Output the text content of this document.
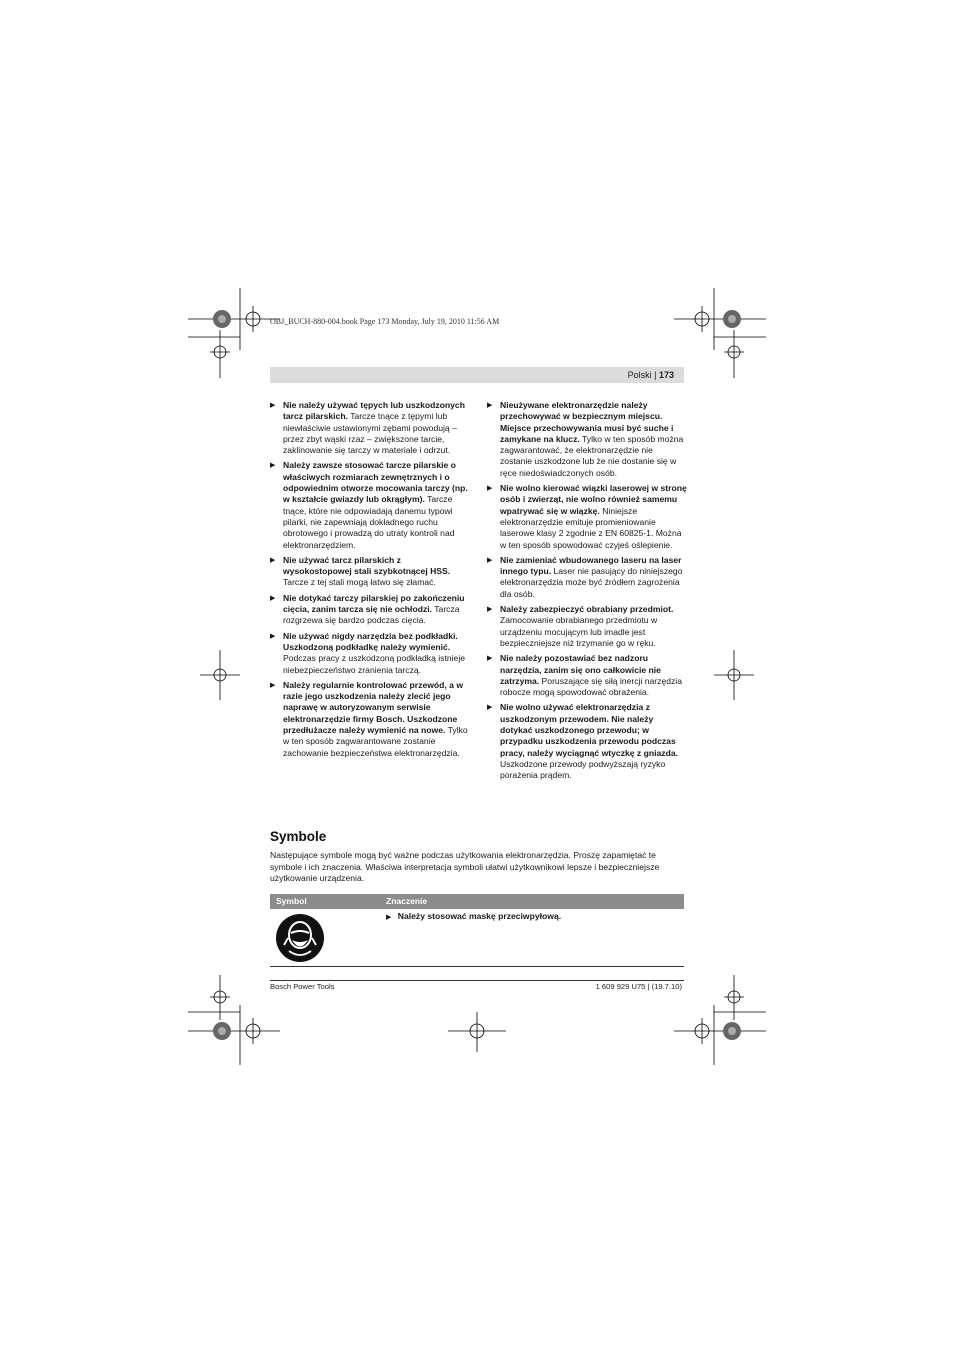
OBJ_BUCH-880-004.book Page 173 Monday, July 19, 2010 11:56 AM
Polski | 173
▶ Nie należy używać tępych lub uszkodzonych tarcz pilarskich. Tarcze tnące z tępymi lub niewłaściwie ustawionymi zębami powodują – przez zbyt wąski rzaz – zwiększone tarcie, zaklinowanie się tarczy w materiale i odrzut.
▶ Należy zawsze stosować tarcze pilarskie o właściwych rozmiarach zewnętrznych i o odpowiednim otworze mocowania tarczy (np. w kształcie gwiazdy lub okrągłym). Tarcze tnące, które nie odpowiadają danemu typowi pilarki, nie zapewniają dokładnego ruchu obrotowego i prowadzą do utraty kontroli nad elektronarzędziem.
▶ Nie używać tarcz pilarskich z wysokostopowej stali szybkotnącej HSS. Tarcze z tej stali mogą łatwo się złamać.
▶ Nie dotykać tarczy pilarskiej po zakończeniu cięcia, zanim tarcza się nie ochłodzi. Tarcza rozgrzewa się bardzo podczas cięcia.
▶ Nie używać nigdy narzędzia bez podkładki. Uszkodzoną podkładkę należy wymienić. Podczas pracy z uszkodzoną podkładką istnieje niebezpieczeństwo zranienia tarczą.
▶ Należy regularnie kontrolować przewód, a w razie jego uszkodzenia należy zlecić jego naprawę w autoryzowanym serwisie elektronarzędzie firmy Bosch. Uszkodzone przedłużacze należy wymienić na nowe. Tylko w ten sposób zagwarantowane zostanie zachowanie bezpieczeństwa elektronarzędzia.
▶ Nieużywane elektronarzędzie należy przechowywać w bezpiecznym miejscu. Miejsce przechowywania musi być suche i zamykane na klucz. Tylko w ten sposób można zagwarantować, że elektronarzędzie nie zostanie uszkodzone lub że nie dostanie się w ręce niedoświadczonych osób.
▶ Nie wolno kierować wiązki laserowej w stronę osób i zwierząt, nie wolno również samemu wpatrywać się w wiązkę. Niniejsze elektronarzędzie emituje promieniowanie laserowe klasy 2 zgodnie z EN 60825-1. Można w ten sposób spowodować czyjeś oślepienie.
▶ Nie zamieniać wbudowanego laseru na laser innego typu. Laser nie pasujący do niniejszego elektronarzędzia może być źródłem zagrożenia dla osób.
▶ Należy zabezpieczyć obrabiany przedmiot. Zamocowanie obrabianego przedmiotu w urządzeniu mocującym lub imadle jest bezpieczniejsze niż trzymanie go w ręku.
▶ Nie należy pozostawiać bez nadzoru narzędzia, zanim się ono całkowicie nie zatrzyma. Poruszające się siłą inercji narzędzia robocze mogą spowodować obrażenia.
▶ Nie wolno używać elektronarzędzia z uszkodzonym przewodem. Nie należy dotykać uszkodzonego przewodu; w przypadku uszkodzenia przewodu podczas pracy, należy wyciągnąć wtyczkę z gniazda. Uszkodzone przewody podwyższają ryzyko porażenia prądem.
Symbole
Następujące symbole mogą być ważne podczas użytkowania elektronarzędzia. Proszę zapamiętać te symbole i ich znaczenia. Właściwa interpretacja symboli ułatwi użytkownikowi lepsze i bezpieczniejsze użytkowanie urządzenia.
Symbol	Znaczenie
▶ Należy stosować maskę przeciwpyłową.
Bosch Power Tools	1 609 929 U75 | (19.7.10)
